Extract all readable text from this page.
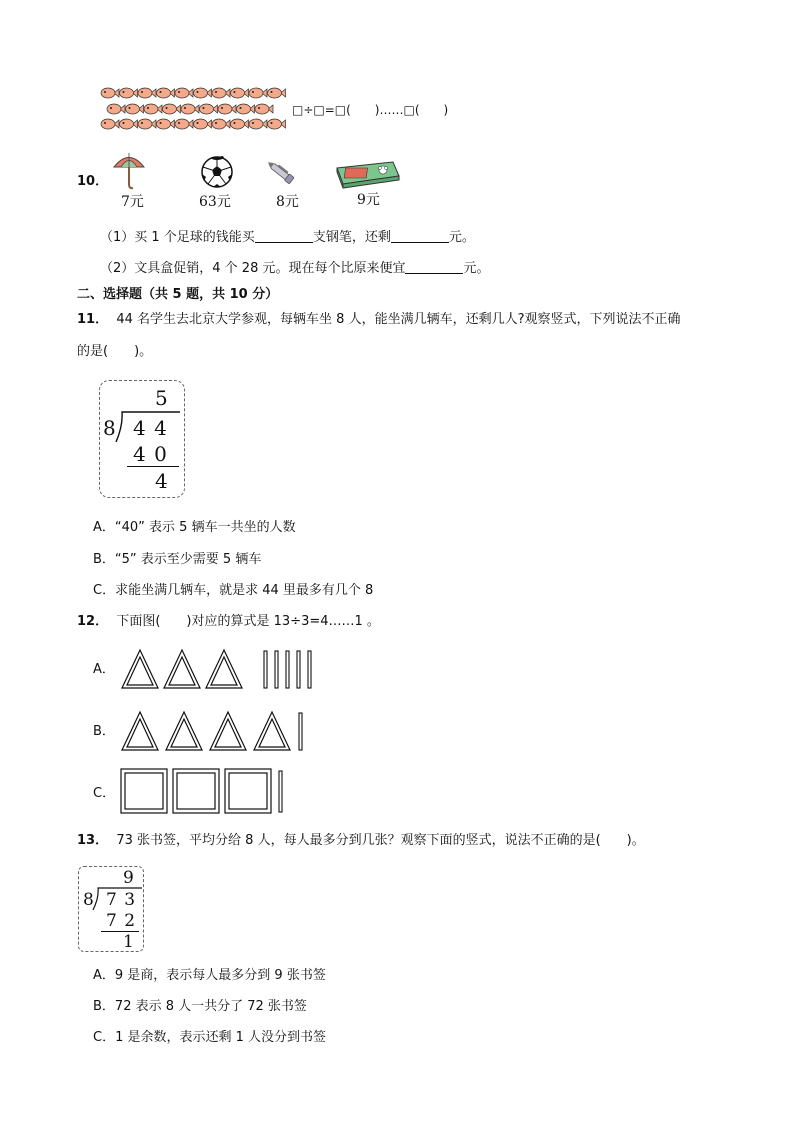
□÷□=□(　　)……□(　　)
10．
7元	63元	8元	9元
（1）买 1 个足球的钱能买	支钢笔，还剩	元。
（2）文具盒促销，4 个 28 元。现在每个比原来便宜	元。
二、选择题（共 5 题，共 10 分）
11． 44 名学生去北京大学参观，每辆车坐 8 人，能坐满几辆车，还剩几人?观察竖式，下列说法不正确
的是(　　)。
5
8 4 4
4 0
4
A．“40” 表示 5 辆车一共坐的人数
B．“5” 表示至少需要 5 辆车
C．求能坐满几辆车，就是求 44 里最多有几个 8
12． 下面图(　　)对应的算式是 13÷3=4……1 。
A．
B．
C．
13． 73 张书签，平均分给 8 人，每人最多分到几张？观察下面的竖式，说法不正确的是(　　)。
9
8 7 3
7 2
1
A．9 是商，表示每人最多分到 9 张书签
B．72 表示 8 人一共分了 72 张书签
C．1 是余数，表示还剩 1 人没分到书签
